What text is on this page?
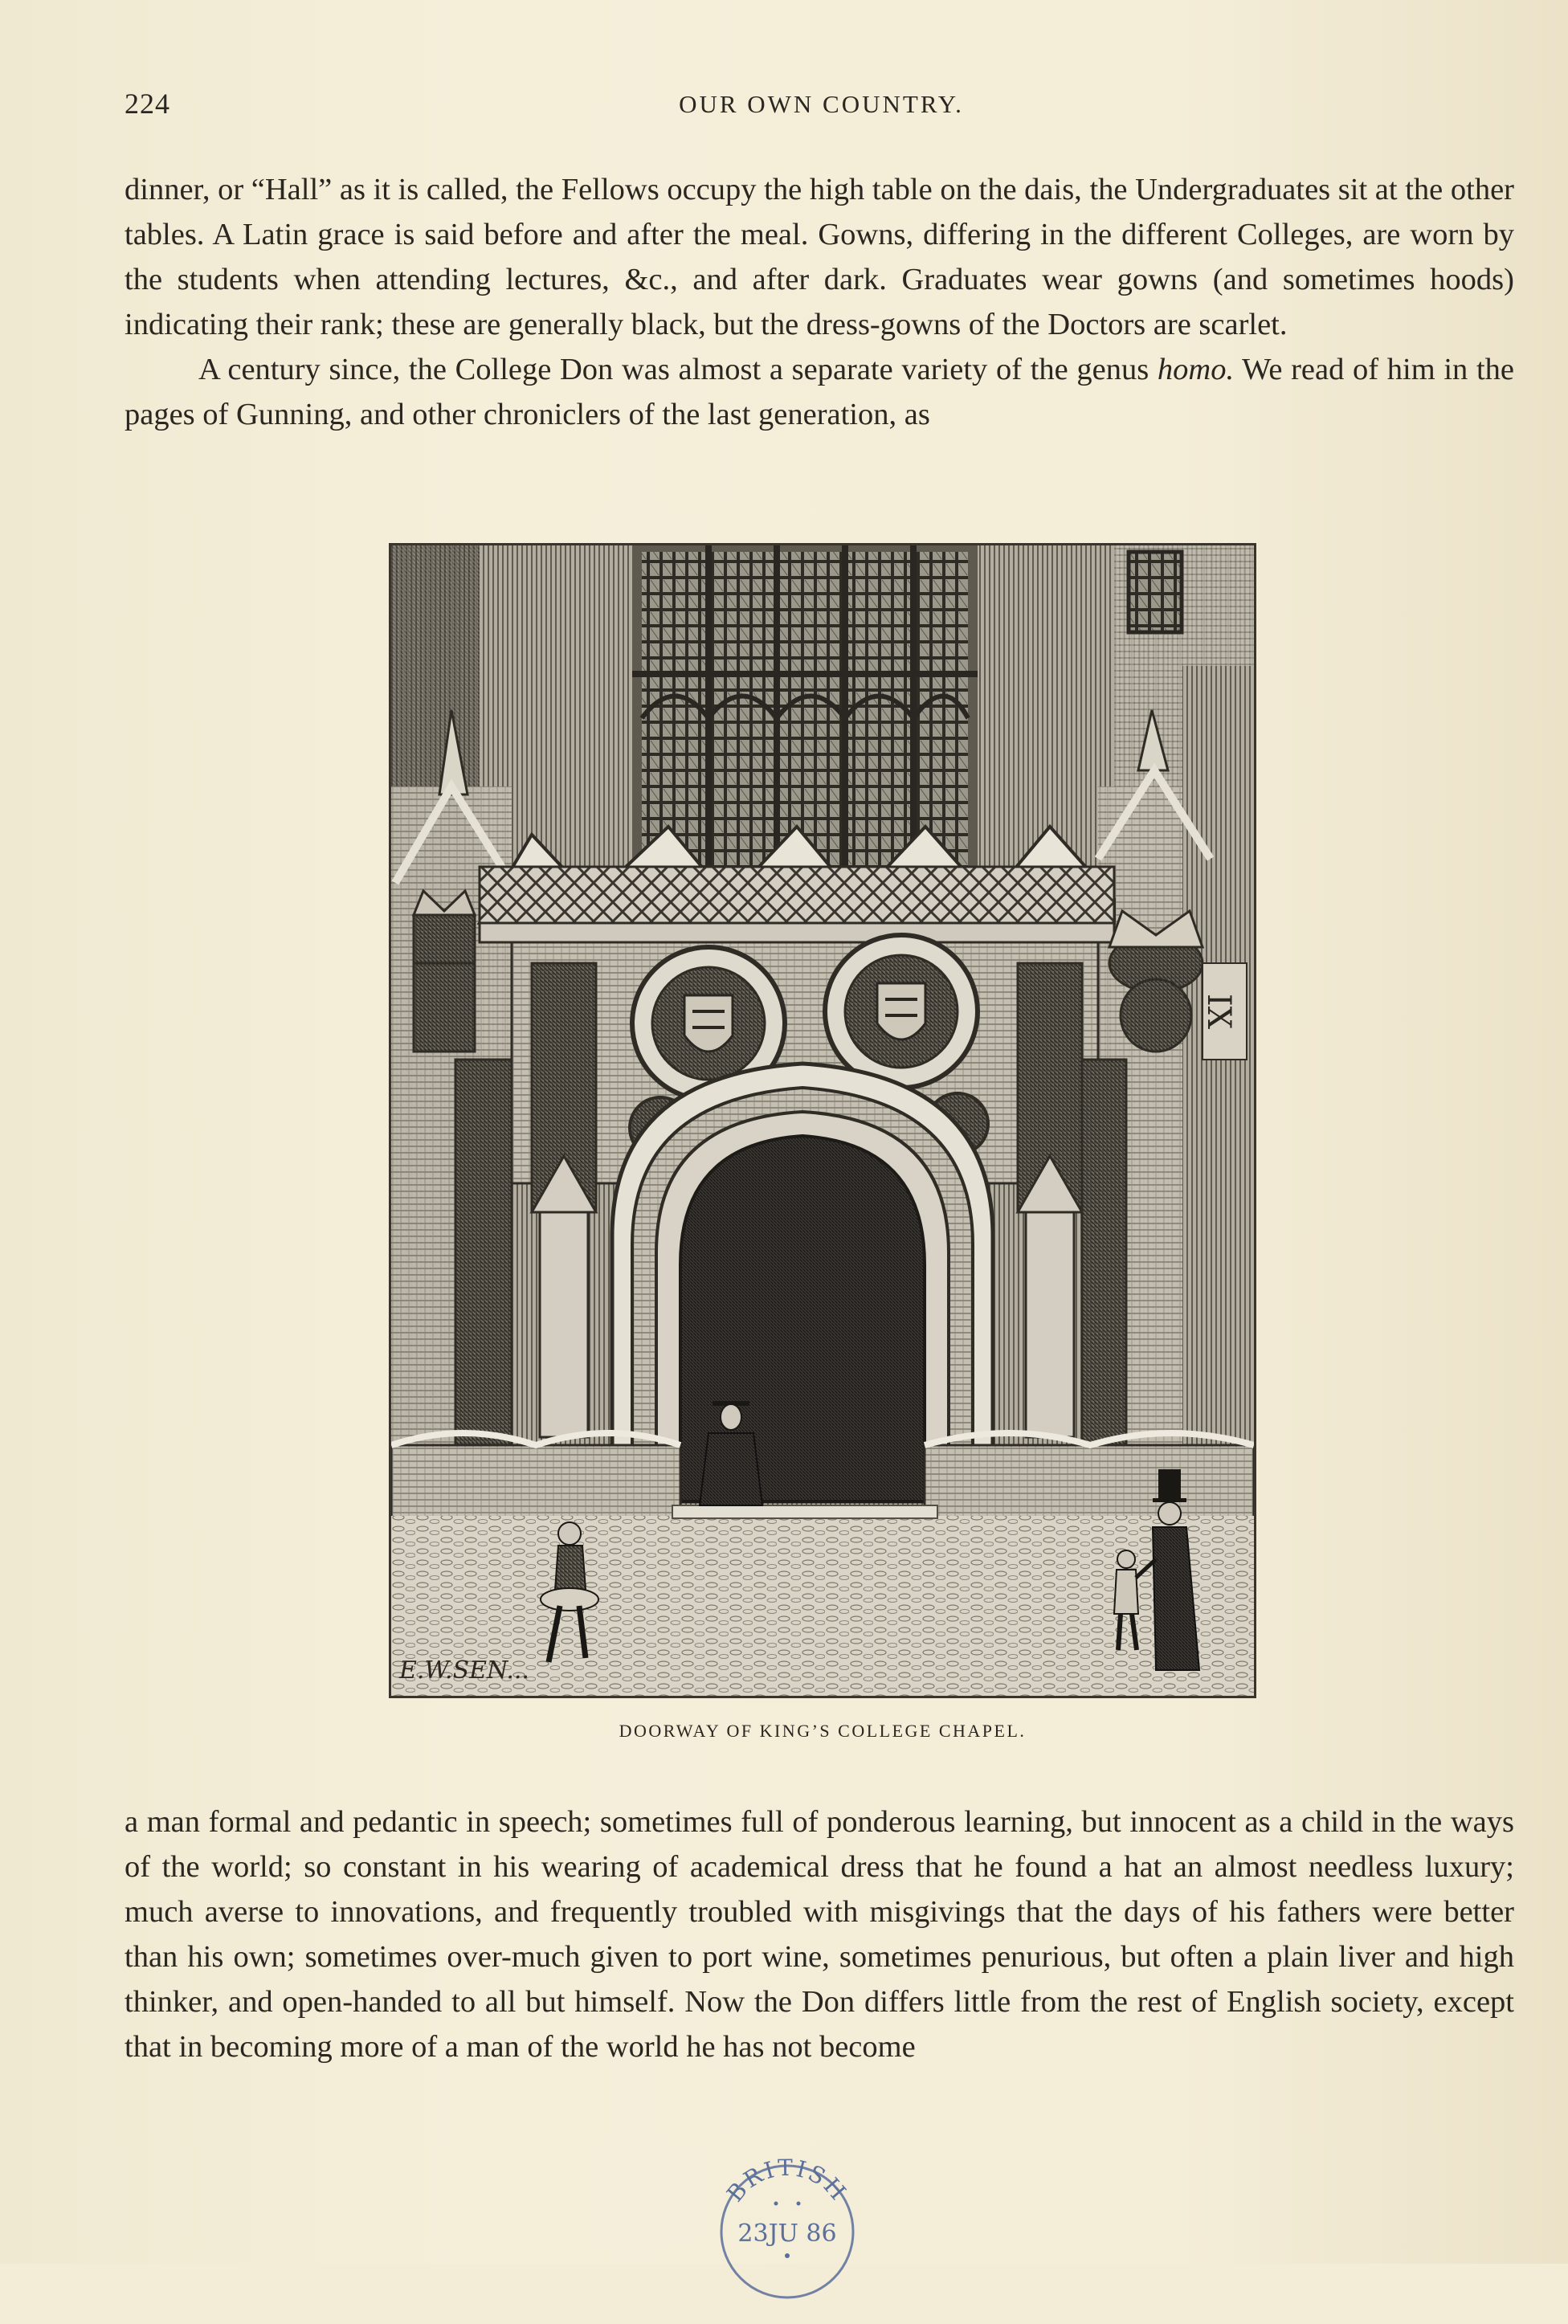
224	OUR OWN COUNTRY.

dinner, or “Hall” as it is called, the Fellows occupy the high table on the dais, the Undergraduates sit at the other tables. A Latin grace is said before and after the meal. Gowns, differing in the different Colleges, are worn by the students when attending lectures, &c., and after dark. Graduates wear gowns (and sometimes hoods) indicating their rank; these are generally black, but the dress-gowns of the Doctors are scarlet.

A century since, the College Don was almost a separate variety of the genus homo. We read of him in the pages of Gunning, and other chroniclers of the last generation, as

IX
E.W.SEN...
DOORWAY OF KING’S COLLEGE CHAPEL.

a man formal and pedantic in speech; sometimes full of ponderous learning, but innocent as a child in the ways of the world; so constant in his wearing of academical dress that he found a hat an almost needless luxury; much averse to innovations, and frequently troubled with misgivings that the days of his fathers were better than his own; sometimes over-much given to port wine, sometimes penurious, but often a plain liver and high thinker, and open-handed to all but himself. Now the Don differs little from the rest of English society, except that in becoming more of a man of the world he has not become

BRITISH
23JU 86
